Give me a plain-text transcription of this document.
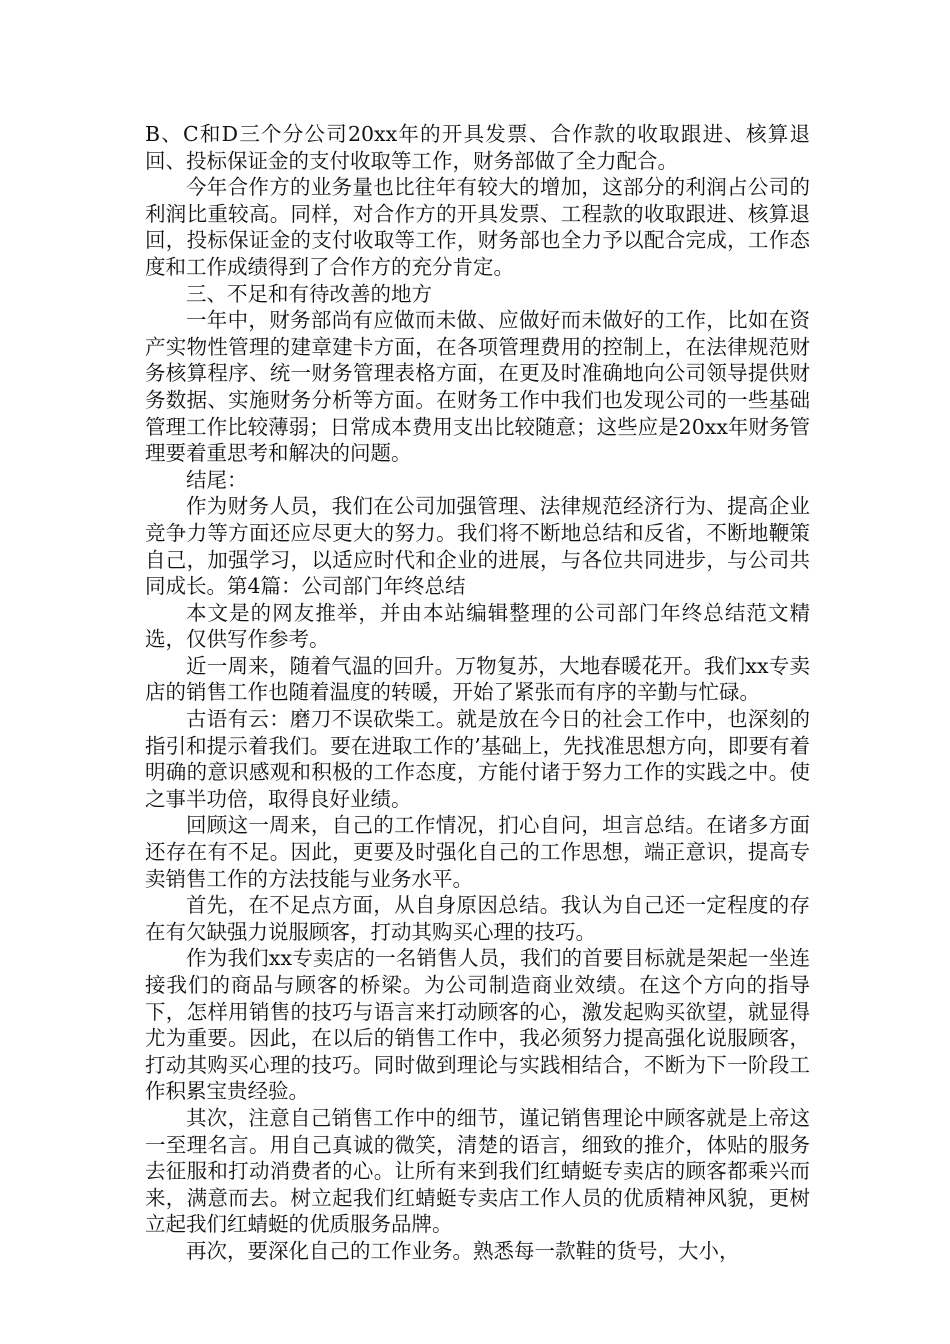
B、C和D三个分公司20xx年的开具发票、合作款的收取跟进、核算退回、投标保证金的支付收取等工作，财务部做了全力配合。

今年合作方的业务量也比往年有较大的增加，这部分的利润占公司的利润比重较高。同样，对合作方的开具发票、工程款的收取跟进、核算退回，投标保证金的支付收取等工作，财务部也全力予以配合完成，工作态度和工作成绩得到了合作方的充分肯定。

三、不足和有待改善的地方

一年中，财务部尚有应做而未做、应做好而未做好的工作，比如在资产实物性管理的建章建卡方面，在各项管理费用的控制上，在法律规范财务核算程序、统一财务管理表格方面，在更及时准确地向公司领导提供财务数据、实施财务分析等方面。在财务工作中我们也发现公司的一些基础管理工作比较薄弱；日常成本费用支出比较随意；这些应是20xx年财务管理要着重思考和解决的问题。

结尾：

作为财务人员，我们在公司加强管理、法律规范经济行为、提高企业竞争力等方面还应尽更大的努力。我们将不断地总结和反省，不断地鞭策自己，加强学习，以适应时代和企业的进展，与各位共同进步，与公司共同成长。第4篇：公司部门年终总结

本文是的网友推举，并由本站编辑整理的公司部门年终总结范文精选，仅供写作参考。

近一周来，随着气温的回升。万物复苏，大地春暖花开。我们xx专卖店的销售工作也随着温度的转暖，开始了紧张而有序的辛勤与忙碌。

古语有云：磨刀不误砍柴工。就是放在今日的社会工作中，也深刻的指引和提示着我们。要在进取工作的’基础上，先找准思想方向，即要有着明确的意识感观和积极的工作态度，方能付诸于努力工作的实践之中。使之事半功倍，取得良好业绩。

回顾这一周来，自己的工作情况，扪心自问，坦言总结。在诸多方面还存在有不足。因此，更要及时强化自己的工作思想，端正意识，提高专卖销售工作的方法技能与业务水平。

首先，在不足点方面，从自身原因总结。我认为自己还一定程度的存在有欠缺强力说服顾客，打动其购买心理的技巧。

作为我们xx专卖店的一名销售人员，我们的首要目标就是架起一坐连接我们的商品与顾客的桥梁。为公司制造商业效绩。在这个方向的指导下，怎样用销售的技巧与语言来打动顾客的心，激发起购买欲望，就显得尤为重要。因此，在以后的销售工作中，我必须努力提高强化说服顾客，打动其购买心理的技巧。同时做到理论与实践相结合，不断为下一阶段工作积累宝贵经验。

其次，注意自己销售工作中的细节，谨记销售理论中顾客就是上帝这一至理名言。用自己真诚的微笑，清楚的语言，细致的推介，体贴的服务去征服和打动消费者的心。让所有来到我们红蜻蜓专卖店的顾客都乘兴而来，满意而去。树立起我们红蜻蜓专卖店工作人员的优质精神风貌，更树立起我们红蜻蜓的优质服务品牌。

再次，要深化自己的工作业务。熟悉每一款鞋的货号，大小，
